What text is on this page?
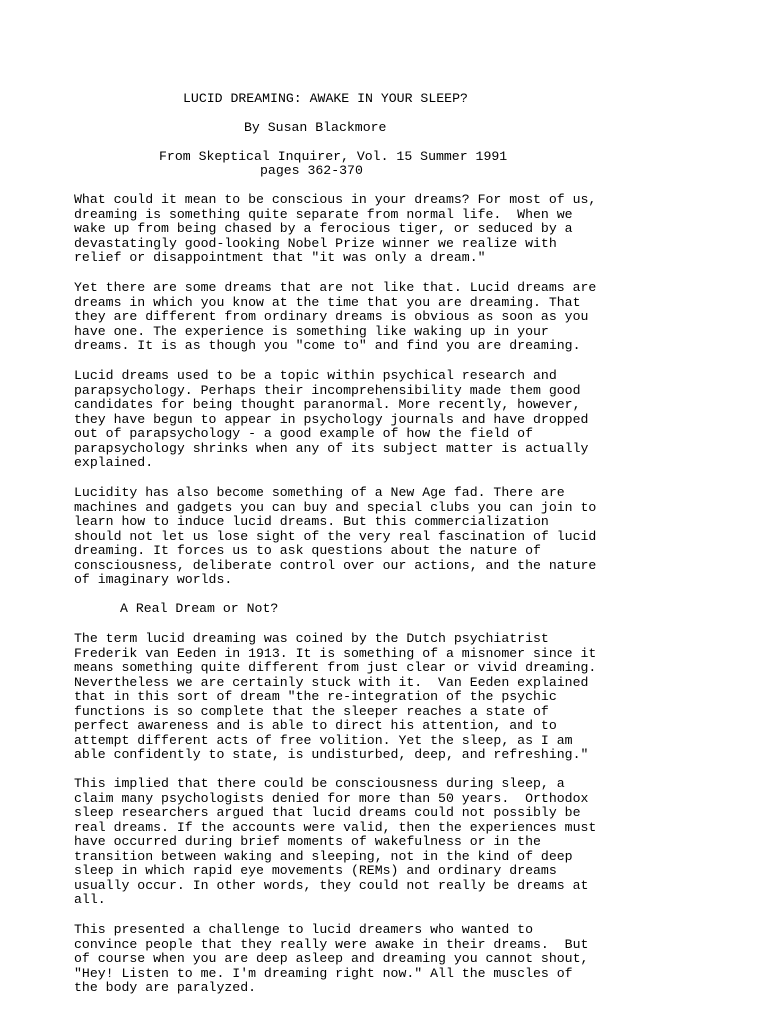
LUCID DREAMING: AWAKE IN YOUR SLEEP?
By Susan Blackmore
From Skeptical Inquirer, Vol. 15 Summer 1991
pages 362-370

What could it mean to be conscious in your dreams? For most of us,
dreaming is something quite separate from normal life.  When we
wake up from being chased by a ferocious tiger, or seduced by a
devastatingly good-looking Nobel Prize winner we realize with
relief or disappointment that "it was only a dream."

Yet there are some dreams that are not like that. Lucid dreams are
dreams in which you know at the time that you are dreaming. That
they are different from ordinary dreams is obvious as soon as you
have one. The experience is something like waking up in your
dreams. It is as though you "come to" and find you are dreaming.

Lucid dreams used to be a topic within psychical research and
parapsychology. Perhaps their incomprehensibility made them good
candidates for being thought paranormal. More recently, however,
they have begun to appear in psychology journals and have dropped
out of parapsychology - a good example of how the field of
parapsychology shrinks when any of its subject matter is actually
explained.

Lucidity has also become something of a New Age fad. There are
machines and gadgets you can buy and special clubs you can join to
learn how to induce lucid dreams. But this commercialization
should not let us lose sight of the very real fascination of lucid
dreaming. It forces us to ask questions about the nature of
consciousness, deliberate control over our actions, and the nature
of imaginary worlds.

A Real Dream or Not?

The term lucid dreaming was coined by the Dutch psychiatrist
Frederik van Eeden in 1913. It is something of a misnomer since it
means something quite different from just clear or vivid dreaming.
Nevertheless we are certainly stuck with it.  Van Eeden explained
that in this sort of dream "the re-integration of the psychic
functions is so complete that the sleeper reaches a state of
perfect awareness and is able to direct his attention, and to
attempt different acts of free volition. Yet the sleep, as I am
able confidently to state, is undisturbed, deep, and refreshing."

This implied that there could be consciousness during sleep, a
claim many psychologists denied for more than 50 years.  Orthodox
sleep researchers argued that lucid dreams could not possibly be
real dreams. If the accounts were valid, then the experiences must
have occurred during brief moments of wakefulness or in the
transition between waking and sleeping, not in the kind of deep
sleep in which rapid eye movements (REMs) and ordinary dreams
usually occur. In other words, they could not really be dreams at
all.

This presented a challenge to lucid dreamers who wanted to
convince people that they really were awake in their dreams.  But
of course when you are deep asleep and dreaming you cannot shout,
"Hey! Listen to me. I'm dreaming right now." All the muscles of
the body are paralyzed.
